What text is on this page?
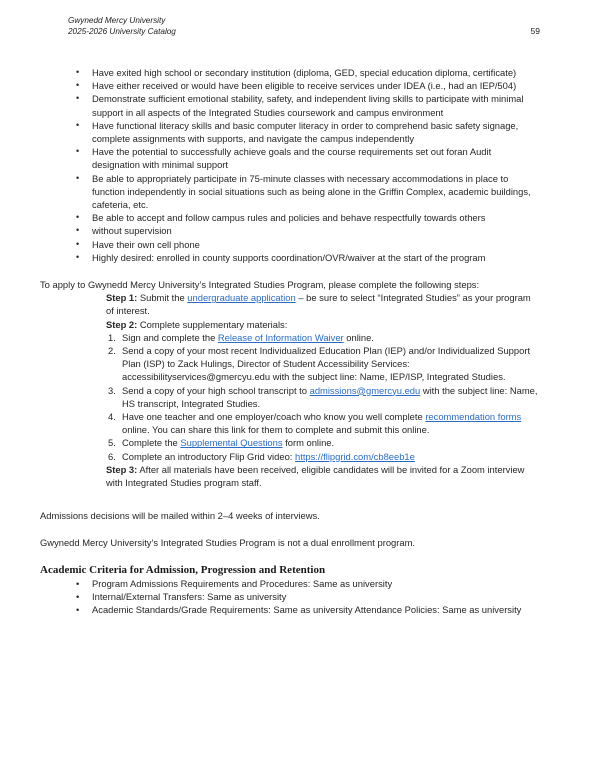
Gwynedd Mercy University
2025-2026 University Catalog	59
• Have exited high school or secondary institution (diploma, GED, special education diploma, certificate)
• Have either received or would have been eligible to receive services under IDEA (i.e., had an IEP/504)
• Demonstrate sufficient emotional stability, safety, and independent living skills to participate with minimal support in all aspects of the Integrated Studies coursework and campus environment
• Have functional literacy skills and basic computer literacy in order to comprehend basic safety signage, complete assignments with supports, and navigate the campus independently
• Have the potential to successfully achieve goals and the course requirements set out foran Audit designation with minimal support
• Be able to appropriately participate in 75-minute classes with necessary accommodations in place to function independently in social situations such as being alone in the Griffin Complex, academic buildings, cafeteria, etc.
• Be able to accept and follow campus rules and policies and behave respectfully towards others
• without supervision
• Have their own cell phone
• Highly desired: enrolled in county supports coordination/OVR/waiver at the start of the program

To apply to Gwynedd Mercy University’s Integrated Studies Program, please complete the following steps:

Step 1: Submit the undergraduate application – be sure to select “Integrated Studies” as your program of interest.

Step 2: Complete supplementary materials:

1. Sign and complete the Release of Information Waiver online.
2. Send a copy of your most recent Individualized Education Plan (IEP) and/or Individualized Support Plan (ISP) to Zack Hulings, Director of Student Accessibility Services: accessibilityservices@gmercyu.edu with the subject line: Name, IEP/ISP, Integrated Studies.
3. Send a copy of your high school transcript to admissions@gmercyu.edu with the subject line: Name, HS transcript, Integrated Studies.
4. Have one teacher and one employer/coach who know you well complete recommendation forms online. You can share this link for them to complete and submit this online.
5. Complete the Supplemental Questions form online.
6. Complete an introductory Flip Grid video: https://flipgrid.com/cb8eeb1e

Step 3: After all materials have been received, eligible candidates will be invited for a Zoom interview with Integrated Studies program staff.

Admissions decisions will be mailed within 2–4 weeks of interviews.

Gwynedd Mercy University’s Integrated Studies Program is not a dual enrollment program.

Academic Criteria for Admission, Progression and Retention
• Program Admissions Requirements and Procedures: Same as university
• Internal/External Transfers: Same as university
• Academic Standards/Grade Requirements: Same as university Attendance Policies: Same as university
